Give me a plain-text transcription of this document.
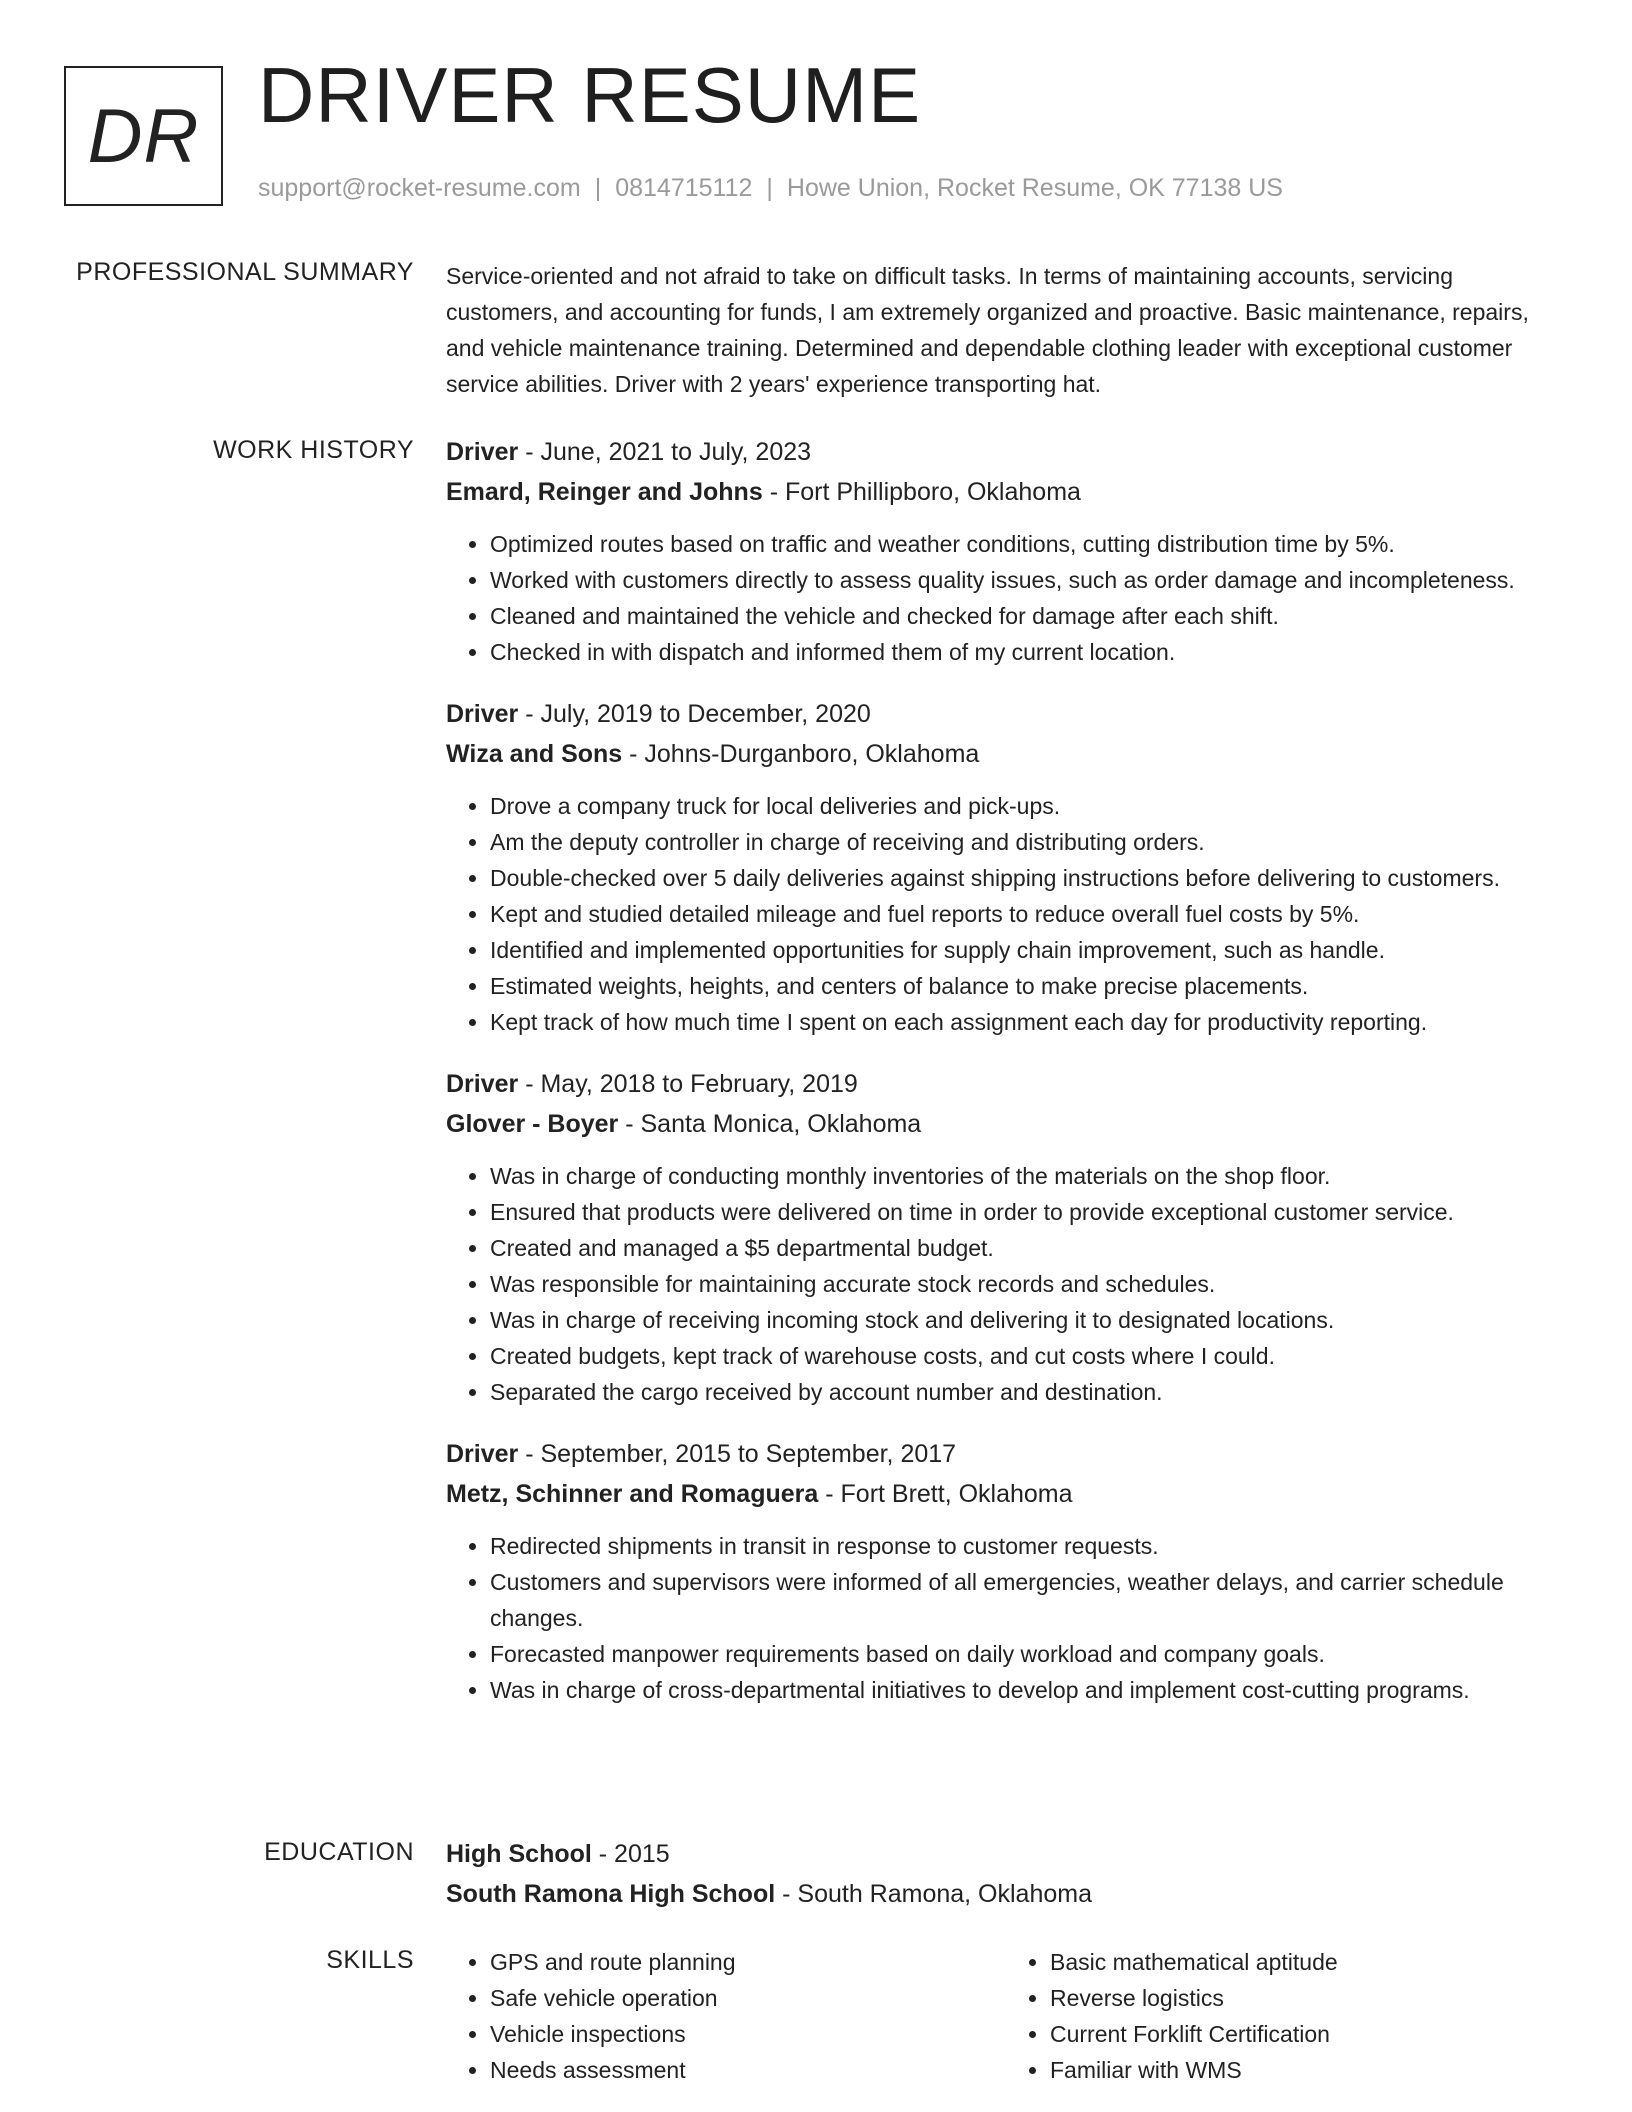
DR DRIVER RESUME
support@rocket-resume.com | 0814715112 | Howe Union, Rocket Resume, OK 77138 US
PROFESSIONAL SUMMARY Service-oriented and not afraid to take on difficult tasks. In terms of maintaining accounts, servicing customers, and accounting for funds, I am extremely organized and proactive. Basic maintenance, repairs, and vehicle maintenance training. Determined and dependable clothing leader with exceptional customer service abilities. Driver with 2 years' experience transporting hat.
WORK HISTORY Driver - June, 2021 to July, 2023
Emard, Reinger and Johns - Fort Phillipboro, Oklahoma
• Optimized routes based on traffic and weather conditions, cutting distribution time by 5%.
• Worked with customers directly to assess quality issues, such as order damage and incompleteness.
• Cleaned and maintained the vehicle and checked for damage after each shift.
• Checked in with dispatch and informed them of my current location.
Driver - July, 2019 to December, 2020
Wiza and Sons - Johns-Durganboro, Oklahoma
• Drove a company truck for local deliveries and pick-ups.
• Am the deputy controller in charge of receiving and distributing orders.
• Double-checked over 5 daily deliveries against shipping instructions before delivering to customers.
• Kept and studied detailed mileage and fuel reports to reduce overall fuel costs by 5%.
• Identified and implemented opportunities for supply chain improvement, such as handle.
• Estimated weights, heights, and centers of balance to make precise placements.
• Kept track of how much time I spent on each assignment each day for productivity reporting.
Driver - May, 2018 to February, 2019
Glover - Boyer - Santa Monica, Oklahoma
• Was in charge of conducting monthly inventories of the materials on the shop floor.
• Ensured that products were delivered on time in order to provide exceptional customer service.
• Created and managed a $5 departmental budget.
• Was responsible for maintaining accurate stock records and schedules.
• Was in charge of receiving incoming stock and delivering it to designated locations.
• Created budgets, kept track of warehouse costs, and cut costs where I could.
• Separated the cargo received by account number and destination.
Driver - September, 2015 to September, 2017
Metz, Schinner and Romaguera - Fort Brett, Oklahoma
• Redirected shipments in transit in response to customer requests.
• Customers and supervisors were informed of all emergencies, weather delays, and carrier schedule changes.
• Forecasted manpower requirements based on daily workload and company goals.
• Was in charge of cross-departmental initiatives to develop and implement cost-cutting programs.
EDUCATION High School - 2015
South Ramona High School - South Ramona, Oklahoma
SKILLS
•	GPS and route planning
• Safe vehicle operation
• Vehicle inspections
• Needs assessment
• Basic mathematical aptitude
• Reverse logistics
• Current Forklift Certification
• Familiar with WMS
